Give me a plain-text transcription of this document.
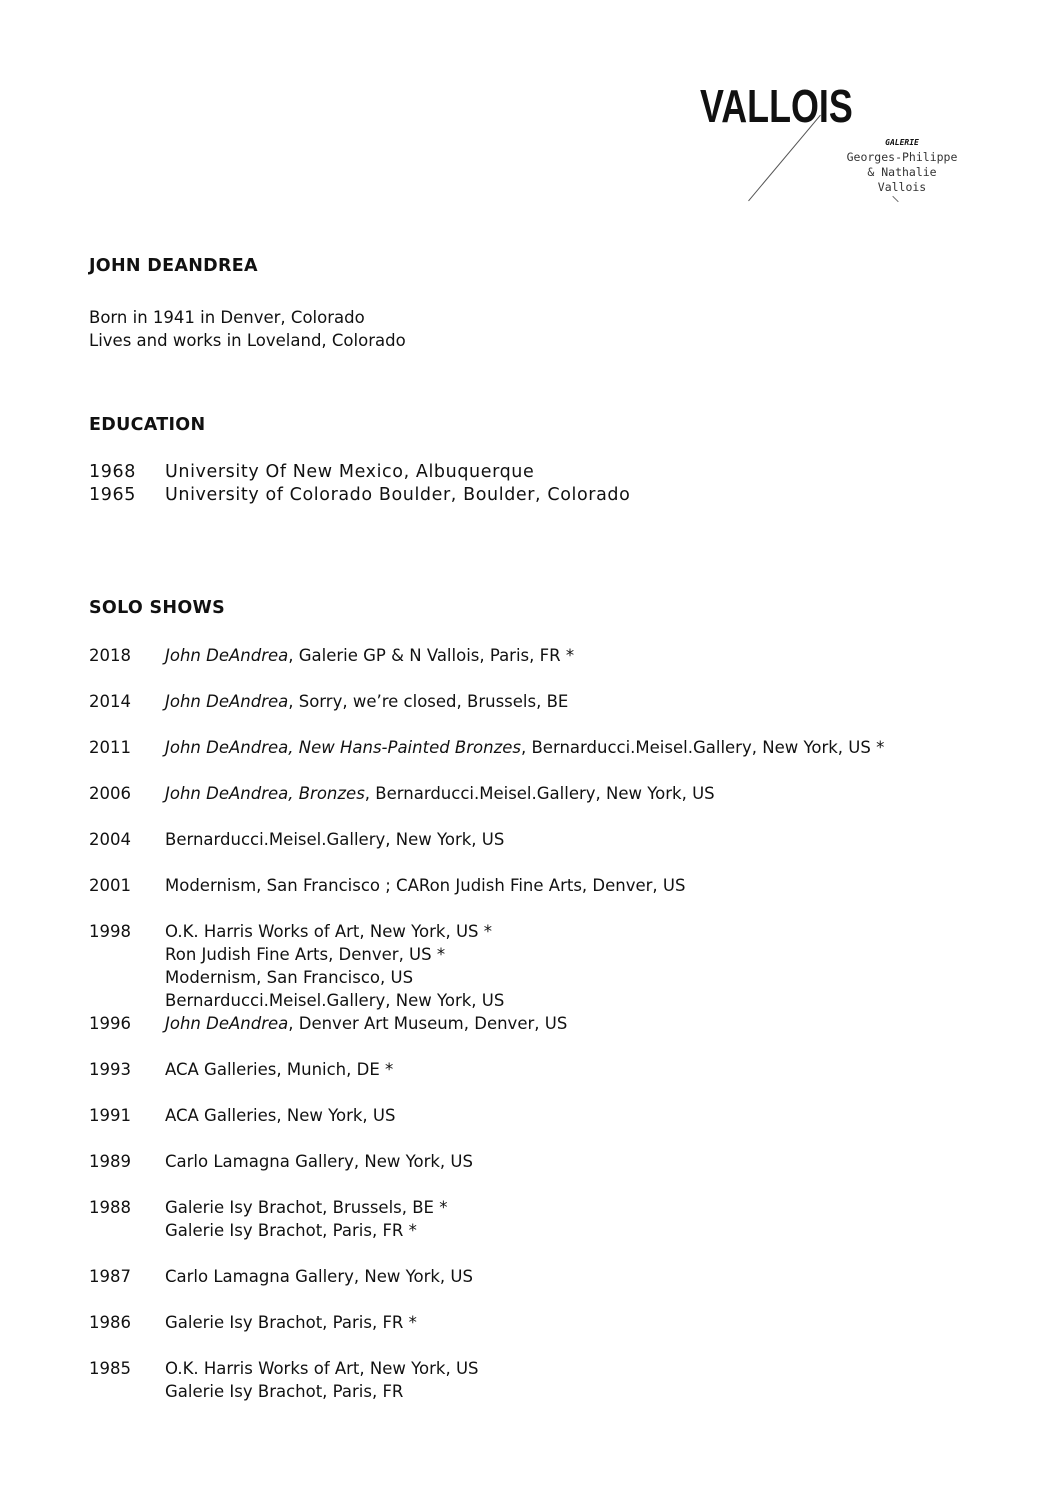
VALLOIS

GALERIE
Georges-Philippe
& Nathalie
Vallois
JOHN DEANDREA

Born in 1941 in Denver, Colorado

Lives and works in Loveland, Colorado

EDUCATION
1968	University Of New Mexico, Albuquerque
1965	University of Colorado Boulder, Boulder, Colorado
SOLO SHOWS
2018	John DeAndrea, Galerie GP & N Vallois, Paris, FR *
2014	John DeAndrea, Sorry, we’re closed, Brussels, BE
2011	John DeAndrea, New Hans-Painted Bronzes, Bernarducci.Meisel.Gallery, New York, US *
2006	John DeAndrea, Bronzes, Bernarducci.Meisel.Gallery, New York, US
2004	Bernarducci.Meisel.Gallery, New York, US
2001	Modernism, San Francisco ; CARon Judish Fine Arts, Denver, US
1998	O.K. Harris Works of Art, New York, US *
Ron Judish Fine Arts, Denver, US *
Modernism, San Francisco, US
Bernarducci.Meisel.Gallery, New York, US
1996	John DeAndrea, Denver Art Museum, Denver, US
1993	ACA Galleries, Munich, DE *
1991	ACA Galleries, New York, US
1989	Carlo Lamagna Gallery, New York, US
1988	Galerie Isy Brachot, Brussels, BE *
Galerie Isy Brachot, Paris, FR *
1987	Carlo Lamagna Gallery, New York, US
1986	Galerie Isy Brachot, Paris, FR *
1985	O.K. Harris Works of Art, New York, US
Galerie Isy Brachot, Paris, FR
